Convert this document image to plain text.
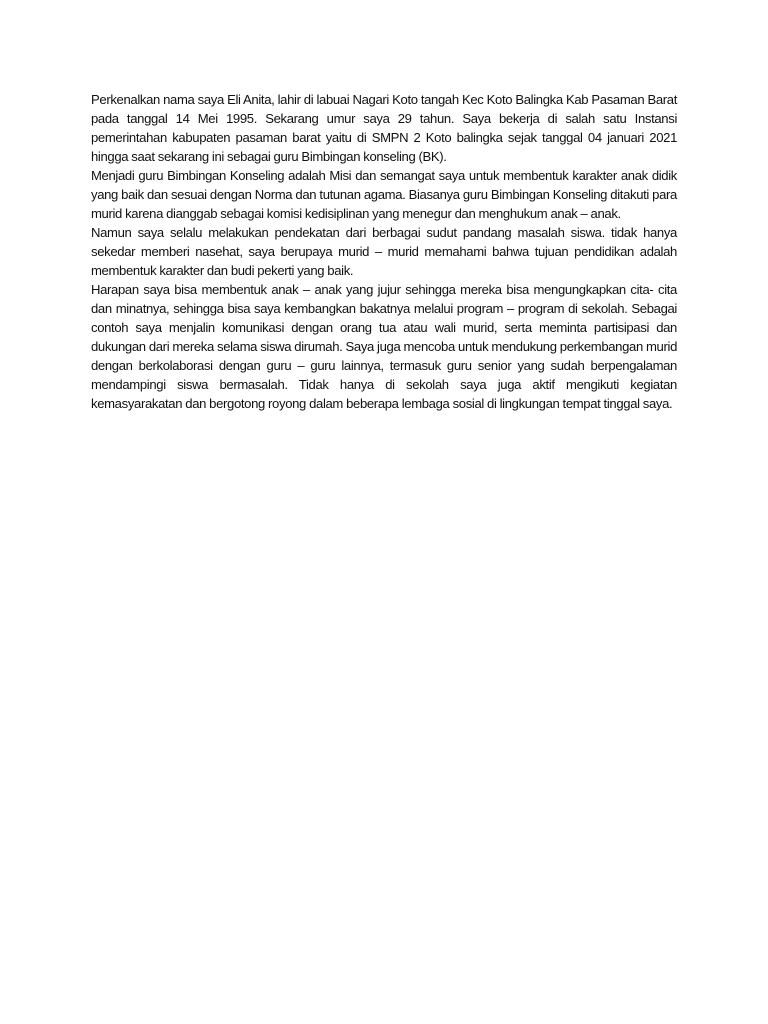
Perkenalkan nama saya Eli Anita, lahir di labuai Nagari Koto tangah Kec Koto Balingka Kab Pasaman Barat pada tanggal 14 Mei 1995. Sekarang umur saya 29 tahun. Saya bekerja di salah satu Instansi pemerintahan kabupaten pasaman barat yaitu di SMPN 2 Koto balingka sejak tanggal 04 januari 2021 hingga saat sekarang ini sebagai guru Bimbingan konseling (BK).

Menjadi guru Bimbingan Konseling adalah Misi dan semangat saya untuk membentuk karakter anak didik yang baik dan sesuai dengan Norma dan tutunan agama. Biasanya guru Bimbingan Konseling ditakuti para murid karena dianggab sebagai komisi kedisiplinan yang menegur dan menghukum anak – anak.

Namun saya selalu melakukan pendekatan dari berbagai sudut pandang masalah siswa. tidak hanya sekedar memberi nasehat, saya berupaya murid – murid memahami bahwa tujuan pendidikan adalah membentuk karakter dan budi pekerti yang baik.

Harapan saya bisa membentuk anak – anak yang jujur sehingga mereka bisa mengungkapkan cita- cita dan minatnya, sehingga bisa saya kembangkan bakatnya melalui program – program di sekolah. Sebagai contoh saya menjalin komunikasi dengan orang tua atau wali murid, serta meminta partisipasi dan dukungan dari mereka selama siswa dirumah. Saya juga mencoba untuk mendukung perkembangan murid dengan berkolaborasi dengan guru – guru lainnya, termasuk guru senior yang sudah berpengalaman mendampingi siswa bermasalah. Tidak hanya di sekolah saya juga aktif mengikuti kegiatan kemasyarakatan dan bergotong royong dalam beberapa lembaga sosial di lingkungan tempat tinggal saya.
